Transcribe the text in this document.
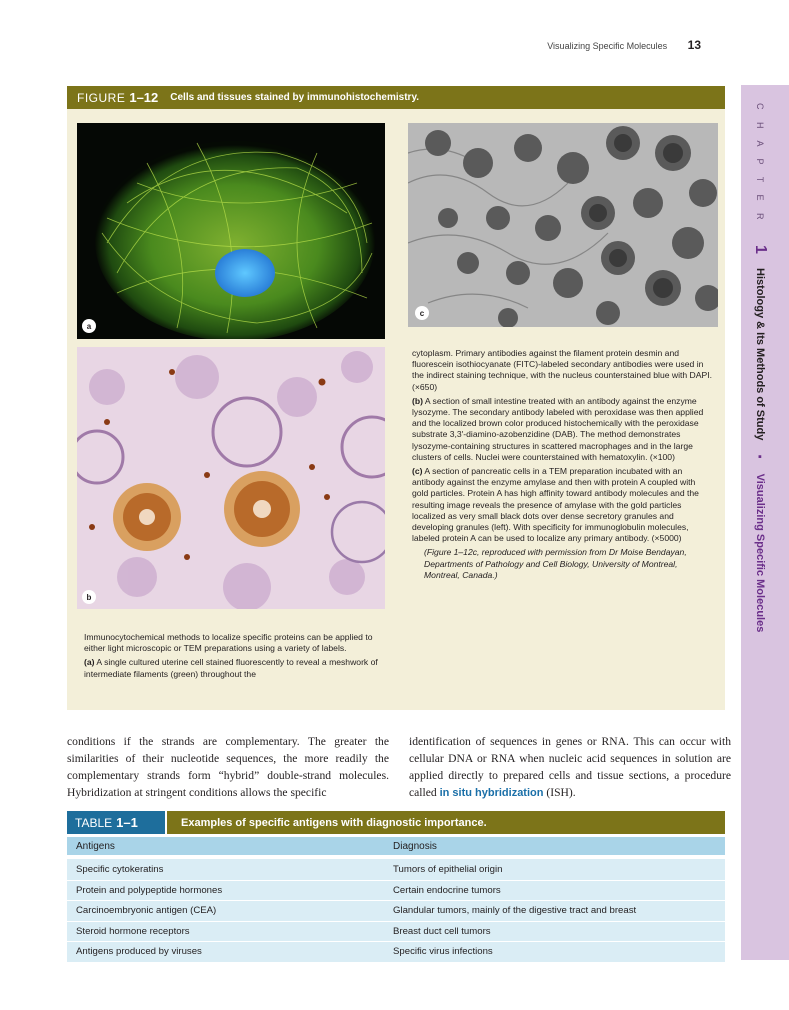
Visualizing Specific Molecules 13
C H A P T E R 1 Histology & Its Methods of Study ▪ Visualizing Specific Molecules
FIGURE 1–12 Cells and tissues stained by immunohistochemistry.
a
b
c

cytoplasm. Primary antibodies against the filament protein desmin and fluorescein isothiocyanate (FITC)-labeled secondary antibodies were used in the indirect staining technique, with the nucleus counterstained blue with DAPI. (×650)

(b) A section of small intestine treated with an antibody against the enzyme lysozyme. The secondary antibody labeled with peroxidase was then applied and the localized brown color produced histochemically with the peroxidase substrate 3,3′-diamino-azobenzidine (DAB). The method demonstrates lysozyme-containing structures in scattered macrophages and in the large clusters of cells. Nuclei were counterstained with hematoxylin. (×100)

(c) A section of pancreatic cells in a TEM preparation incubated with an antibody against the enzyme amylase and then with protein A coupled with gold particles. Protein A has high affinity toward antibody molecules and the resulting image reveals the presence of amylase with the gold particles localized as very small black dots over dense secretory granules and developing granules (left). With specificity for immunoglobulin molecules, labeled protein A can be used to localize any primary antibody. (×5000)

(Figure 1–12c, reproduced with permission from Dr Moise Bendayan, Departments of Pathology and Cell Biology, University of Montreal, Montreal, Canada.)

Immunocytochemical methods to localize specific proteins can be applied to either light microscopic or TEM preparations using a variety of labels.

(a) A single cultured uterine cell stained fluorescently to reveal a meshwork of intermediate filaments (green) throughout the

conditions if the strands are complementary. The greater the similarities of their nucleotide sequences, the more readily the complementary strands form “hybrid” double-strand molecules. Hybridization at stringent conditions allows the specific
identification of sequences in genes or RNA. This can occur with cellular DNA or RNA when nucleic acid sequences in solution are applied directly to prepared cells and tissue sections, a procedure called in situ hybridization (ISH).
TABLE 1–1	Examples of specific antigens with diagnostic importance.
Antigens	Diagnosis
Specific cytokeratins	Tumors of epithelial origin
Protein and polypeptide hormones	Certain endocrine tumors
Carcinoembryonic antigen (CEA)	Glandular tumors, mainly of the digestive tract and breast
Steroid hormone receptors	Breast duct cell tumors
Antigens produced by viruses	Specific virus infections
